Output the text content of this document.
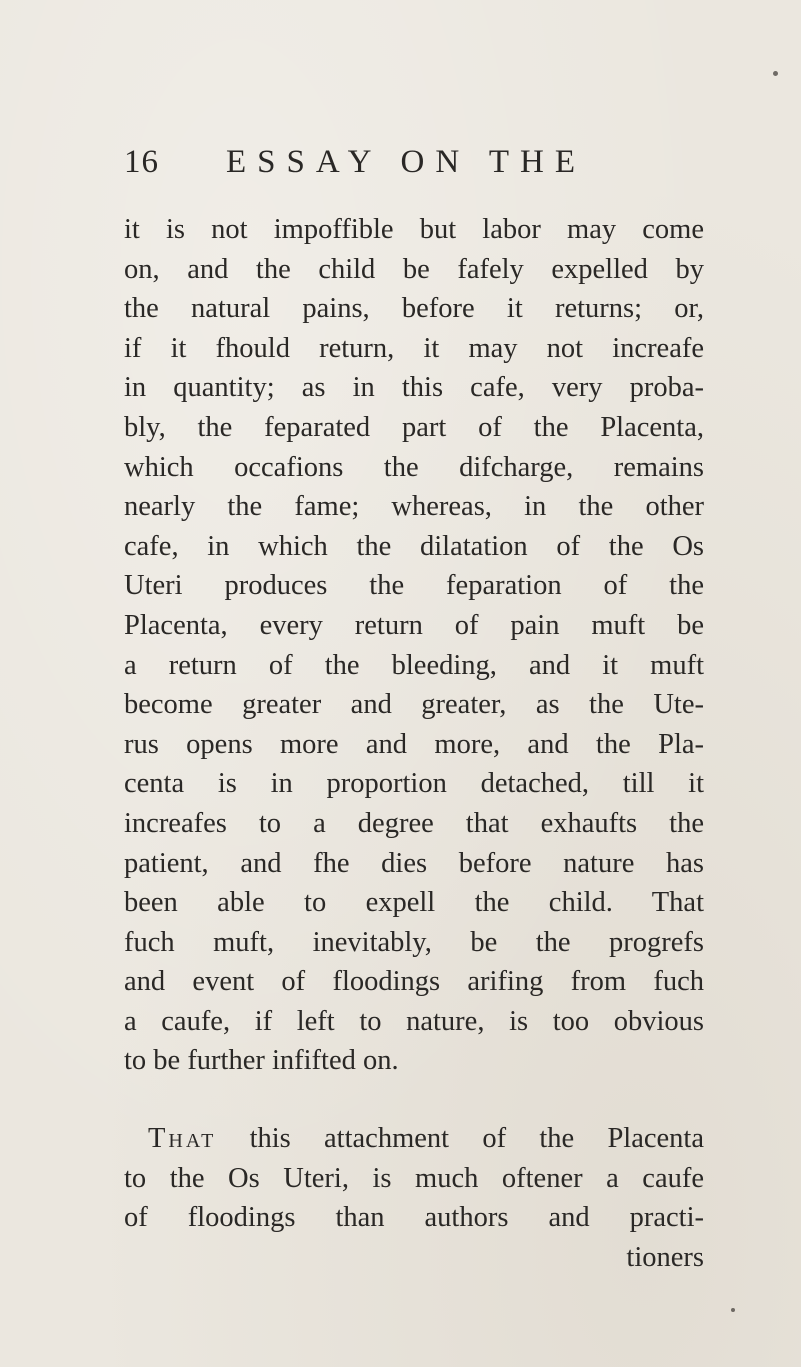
16 ESSAY ON THE
it is not impoffible but labor may come
on, and the child be fafely expelled by
the natural pains, before it returns; or,
if it fhould return, it may not increafe
in quantity; as in this cafe, very proba-
bly, the feparated part of the Placenta,
which occafions the difcharge, remains
nearly the fame; whereas, in the other
cafe, in which the dilatation of the Os
Uteri produces the feparation of the
Placenta, every return of pain muft be
a return of the bleeding, and it muft
become greater and greater, as the Ute-
rus opens more and more, and the Pla-
centa is in proportion detached, till it
increafes to a degree that exhaufts the
patient, and fhe dies before nature has
been able to expell the child. That
fuch muft, inevitably, be the progrefs
and event of floodings arifing from fuch
a caufe, if left to nature, is too obvious
to be further infifted on.
That this attachment of the Placenta
to the Os Uteri, is much oftener a caufe
of floodings than authors and practi-
tioners
